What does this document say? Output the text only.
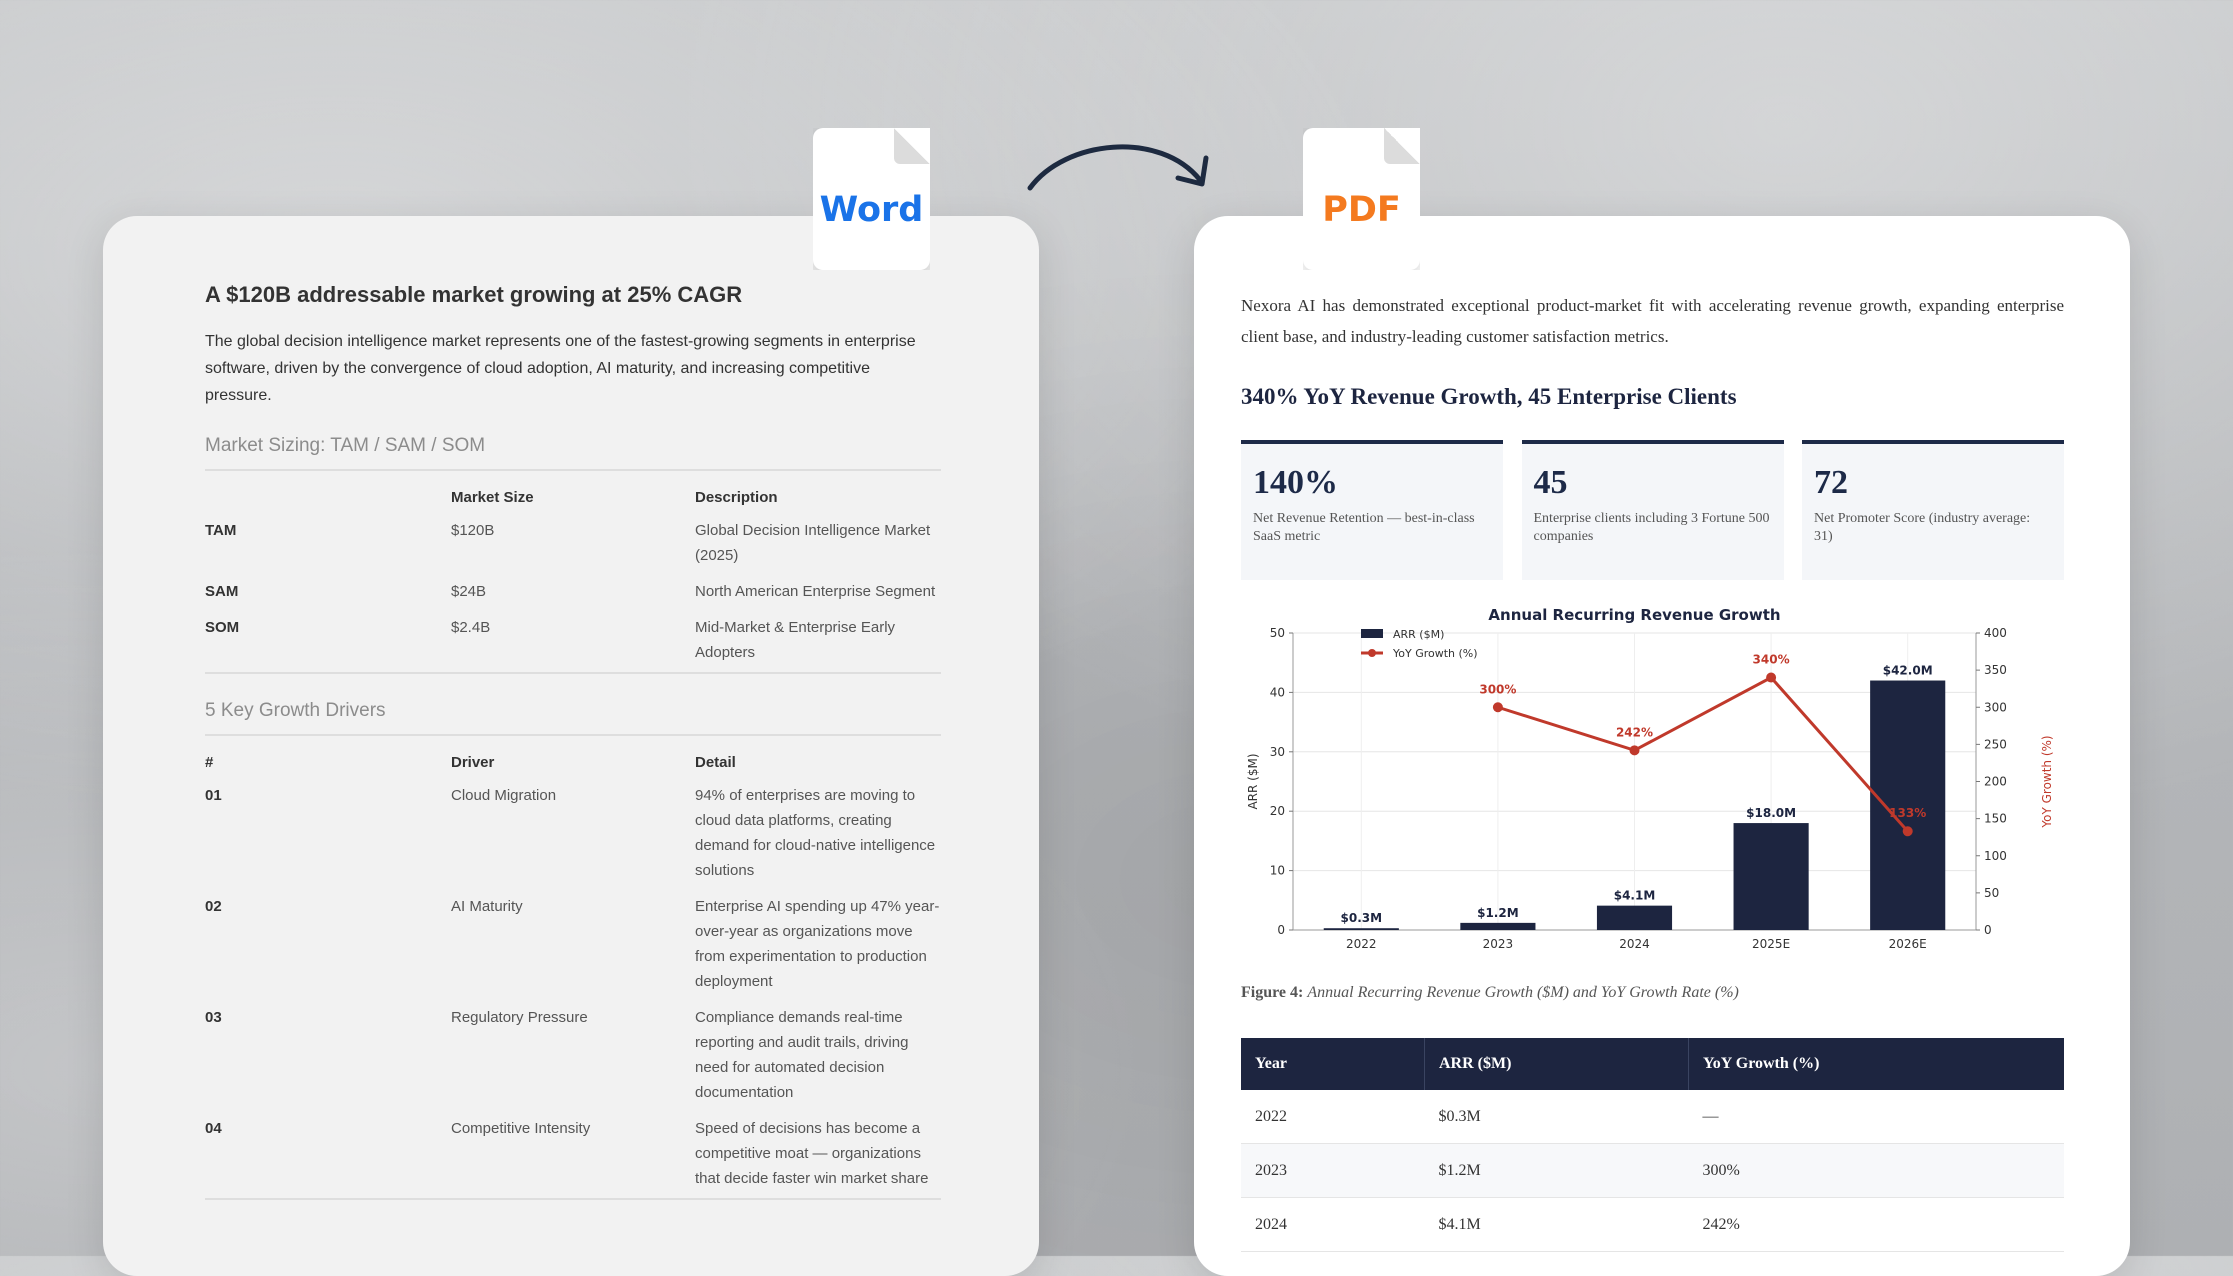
Word	PDF
A $120B addressable market growing at 25% CAGR

The global decision intelligence market represents one of the fastest-growing segments in enterprise software, driven by the convergence of cloud adoption, AI maturity, and increasing competitive pressure.

Market Sizing: TAM / SAM / SOM
	Market Size	Description
TAM	$120B	Global Decision Intelligence Market (2025)
SAM	$24B	North American Enterprise Segment
SOM	$2.4B	Mid-Market & Enterprise Early Adopters
5 Key Growth Drivers
#	Driver	Detail
01	Cloud Migration	94% of enterprises are moving to cloud data platforms, creating demand for cloud-native intelligence solutions
02	AI Maturity	Enterprise AI spending up 47% year-over-year as organizations move from experimentation to production deployment
03	Regulatory Pressure	Compliance demands real-time reporting and audit trails, driving need for automated decision documentation
04	Competitive Intensity	Speed of decisions has become a competitive moat — organizations that decide faster win market share

Nexora AI has demonstrated exceptional product-market fit with accelerating revenue growth, expanding enterprise client base, and industry-leading customer satisfaction metrics.

340% YoY Revenue Growth, 45 Enterprise Clients
140%
Net Revenue Retention — best-in-class SaaS metric
45
Enterprise clients including 3 Fortune 500 companies
72
Net Promoter Score (industry average: 31)
Annual Recurring Revenue Growth
0
10
20
30
40
50
0
50
100
150
200
250
300
350
400
ARR ($M)	YoY Growth (%)
2022	2023	2024	2025E	2026E
$0.3M	$1.2M
$4.1M
$18.0M
$42.0M
300%
242%
340%
133%
ARR ($M)
YoY Growth (%)
Figure 4: Annual Recurring Revenue Growth ($M) and YoY Growth Rate (%)
Year	ARR ($M)	YoY Growth (%)
2022	$0.3M	—
2023	$1.2M	300%
2024	$4.1M	242%
